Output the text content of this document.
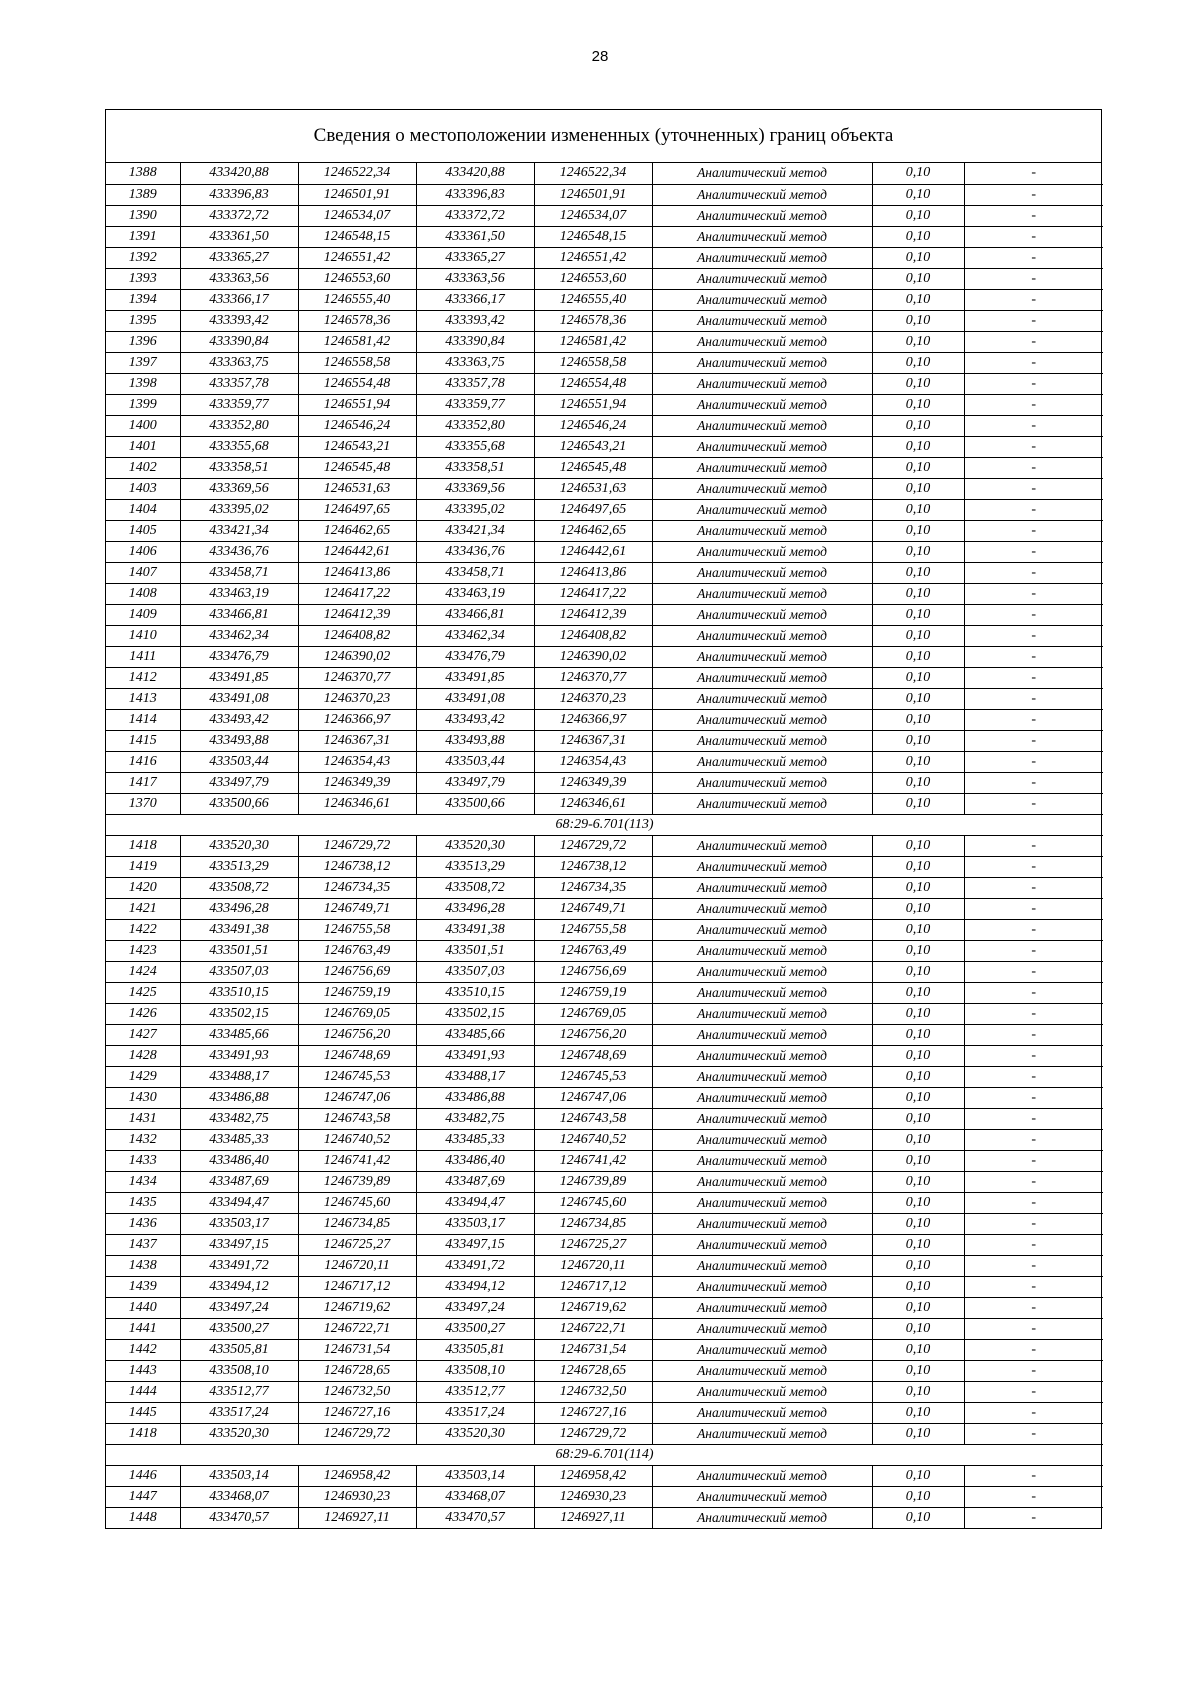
28
Сведения о местоположении измененных (уточненных) границ объекта
1388	433420,88	1246522,34	433420,88	1246522,34	Аналитический метод	0,10	-
1389	433396,83	1246501,91	433396,83	1246501,91	Аналитический метод	0,10	-
1390	433372,72	1246534,07	433372,72	1246534,07	Аналитический метод	0,10	-
1391	433361,50	1246548,15	433361,50	1246548,15	Аналитический метод	0,10	-
1392	433365,27	1246551,42	433365,27	1246551,42	Аналитический метод	0,10	-
1393	433363,56	1246553,60	433363,56	1246553,60	Аналитический метод	0,10	-
1394	433366,17	1246555,40	433366,17	1246555,40	Аналитический метод	0,10	-
1395	433393,42	1246578,36	433393,42	1246578,36	Аналитический метод	0,10	-
1396	433390,84	1246581,42	433390,84	1246581,42	Аналитический метод	0,10	-
1397	433363,75	1246558,58	433363,75	1246558,58	Аналитический метод	0,10	-
1398	433357,78	1246554,48	433357,78	1246554,48	Аналитический метод	0,10	-
1399	433359,77	1246551,94	433359,77	1246551,94	Аналитический метод	0,10	-
1400	433352,80	1246546,24	433352,80	1246546,24	Аналитический метод	0,10	-
1401	433355,68	1246543,21	433355,68	1246543,21	Аналитический метод	0,10	-
1402	433358,51	1246545,48	433358,51	1246545,48	Аналитический метод	0,10	-
1403	433369,56	1246531,63	433369,56	1246531,63	Аналитический метод	0,10	-
1404	433395,02	1246497,65	433395,02	1246497,65	Аналитический метод	0,10	-
1405	433421,34	1246462,65	433421,34	1246462,65	Аналитический метод	0,10	-
1406	433436,76	1246442,61	433436,76	1246442,61	Аналитический метод	0,10	-
1407	433458,71	1246413,86	433458,71	1246413,86	Аналитический метод	0,10	-
1408	433463,19	1246417,22	433463,19	1246417,22	Аналитический метод	0,10	-
1409	433466,81	1246412,39	433466,81	1246412,39	Аналитический метод	0,10	-
1410	433462,34	1246408,82	433462,34	1246408,82	Аналитический метод	0,10	-
1411	433476,79	1246390,02	433476,79	1246390,02	Аналитический метод	0,10	-
1412	433491,85	1246370,77	433491,85	1246370,77	Аналитический метод	0,10	-
1413	433491,08	1246370,23	433491,08	1246370,23	Аналитический метод	0,10	-
1414	433493,42	1246366,97	433493,42	1246366,97	Аналитический метод	0,10	-
1415	433493,88	1246367,31	433493,88	1246367,31	Аналитический метод	0,10	-
1416	433503,44	1246354,43	433503,44	1246354,43	Аналитический метод	0,10	-
1417	433497,79	1246349,39	433497,79	1246349,39	Аналитический метод	0,10	-
1370	433500,66	1246346,61	433500,66	1246346,61	Аналитический метод	0,10	-
68:29-6.701(113)							
1418	433520,30	1246729,72	433520,30	1246729,72	Аналитический метод	0,10	-
1419	433513,29	1246738,12	433513,29	1246738,12	Аналитический метод	0,10	-
1420	433508,72	1246734,35	433508,72	1246734,35	Аналитический метод	0,10	-
1421	433496,28	1246749,71	433496,28	1246749,71	Аналитический метод	0,10	-
1422	433491,38	1246755,58	433491,38	1246755,58	Аналитический метод	0,10	-
1423	433501,51	1246763,49	433501,51	1246763,49	Аналитический метод	0,10	-
1424	433507,03	1246756,69	433507,03	1246756,69	Аналитический метод	0,10	-
1425	433510,15	1246759,19	433510,15	1246759,19	Аналитический метод	0,10	-
1426	433502,15	1246769,05	433502,15	1246769,05	Аналитический метод	0,10	-
1427	433485,66	1246756,20	433485,66	1246756,20	Аналитический метод	0,10	-
1428	433491,93	1246748,69	433491,93	1246748,69	Аналитический метод	0,10	-
1429	433488,17	1246745,53	433488,17	1246745,53	Аналитический метод	0,10	-
1430	433486,88	1246747,06	433486,88	1246747,06	Аналитический метод	0,10	-
1431	433482,75	1246743,58	433482,75	1246743,58	Аналитический метод	0,10	-
1432	433485,33	1246740,52	433485,33	1246740,52	Аналитический метод	0,10	-
1433	433486,40	1246741,42	433486,40	1246741,42	Аналитический метод	0,10	-
1434	433487,69	1246739,89	433487,69	1246739,89	Аналитический метод	0,10	-
1435	433494,47	1246745,60	433494,47	1246745,60	Аналитический метод	0,10	-
1436	433503,17	1246734,85	433503,17	1246734,85	Аналитический метод	0,10	-
1437	433497,15	1246725,27	433497,15	1246725,27	Аналитический метод	0,10	-
1438	433491,72	1246720,11	433491,72	1246720,11	Аналитический метод	0,10	-
1439	433494,12	1246717,12	433494,12	1246717,12	Аналитический метод	0,10	-
1440	433497,24	1246719,62	433497,24	1246719,62	Аналитический метод	0,10	-
1441	433500,27	1246722,71	433500,27	1246722,71	Аналитический метод	0,10	-
1442	433505,81	1246731,54	433505,81	1246731,54	Аналитический метод	0,10	-
1443	433508,10	1246728,65	433508,10	1246728,65	Аналитический метод	0,10	-
1444	433512,77	1246732,50	433512,77	1246732,50	Аналитический метод	0,10	-
1445	433517,24	1246727,16	433517,24	1246727,16	Аналитический метод	0,10	-
1418	433520,30	1246729,72	433520,30	1246729,72	Аналитический метод	0,10	-
68:29-6.701(114)							
1446	433503,14	1246958,42	433503,14	1246958,42	Аналитический метод	0,10	-
1447	433468,07	1246930,23	433468,07	1246930,23	Аналитический метод	0,10	-
1448	433470,57	1246927,11	433470,57	1246927,11	Аналитический метод	0,10	-
